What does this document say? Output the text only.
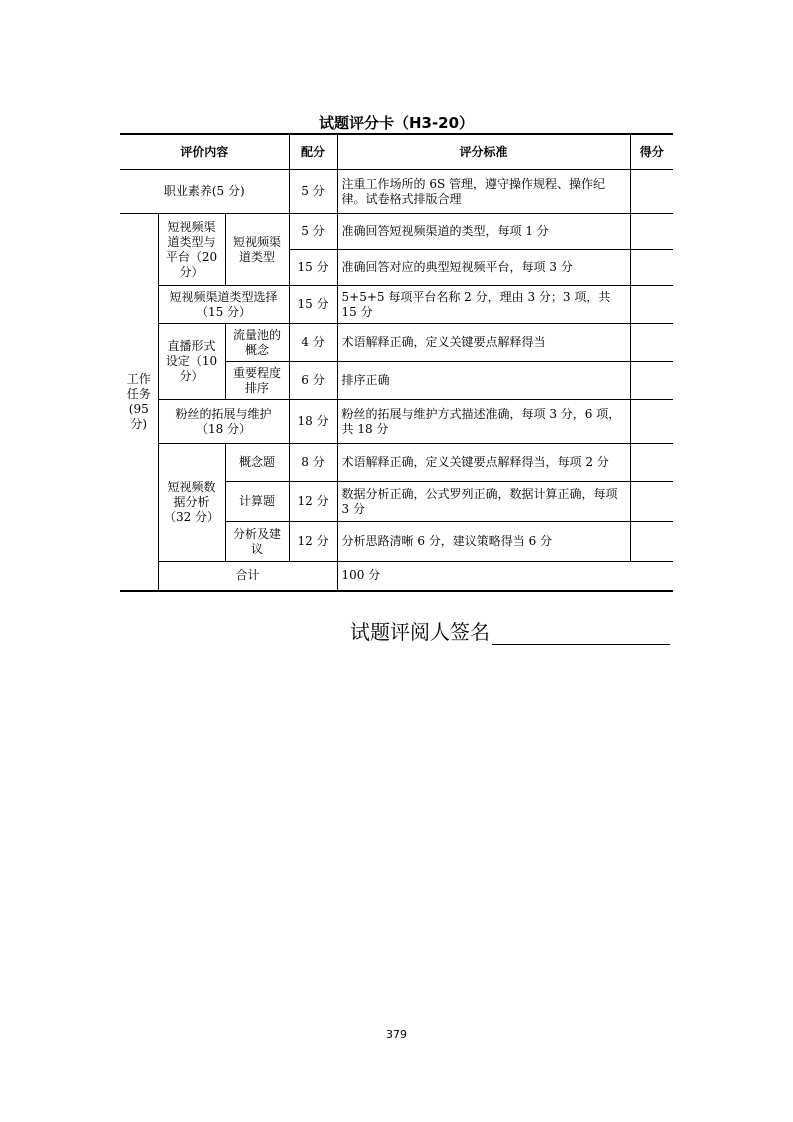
试题评分卡（H3-20）
评价内容			配分	评分标准	得分
职业素养(5 分)			5 分	注重工作场所的 6S 管理，遵守操作规程、操作纪律。试卷格式排版合理	
工作任务(95分)	短视频渠道类型与平台（20 分）	短视频渠道类型	5 分	准确回答短视频渠道的类型，每项 1 分	
			15 分	准确回答对应的典型短视频平台，每项 3 分	
	短视频渠道类型选择（15 分）		15 分	5+5+5 每项平台名称 2 分，理由 3 分；3 项，共 15 分	
	直播形式设定（10 分）	流量池的概念	4 分	术语解释正确，定义关键要点解释得当	
		重要程度排序	6 分	排序正确	
	粉丝的拓展与维护（18 分）		18 分	粉丝的拓展与维护方式描述准确，每项 3 分，6 项，共 18 分	
	短视频数据分析（32 分）	概念题	8 分	术语解释正确，定义关键要点解释得当，每项 2 分	
		计算题	12 分	数据分析正确，公式罗列正确，数据计算正确，每项 3 分	
		分析及建议	12 分	分析思路清晰 6 分，建议策略得当 6 分	
	合计			100 分	
试题评阅人签名
379
